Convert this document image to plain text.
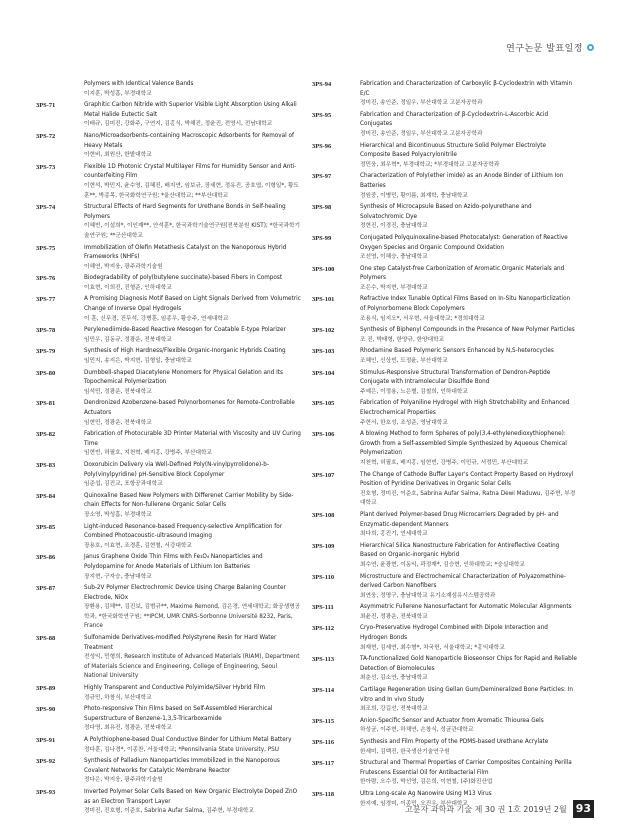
연구논문 발표일정
Polymers with Identical Valence Bands
이지훈, 박성흠, 부경대학교
3PS-71	Graphitic Carbon Nitride with Superior Visible Light Absorption Using Alkali Metal Halide Eutectic Salt
이태규, 김미진, 강화주, 구연지, 김홍식, 박해진, 정윤진, 전영시, 전남대학교
3PS-72	Nano/Microadsorbents-containing Macroscopic Adsorbents for Removal of Heavy Metals
이현비, 최원산, 한밭대학교
3PS-73	Flexible 1D Photonic Crystal Multilayer Films for Humidity Sensor and Anti-counterfeiting Film
이현석, 박민지, 윤수영, 김혜진, 배지연, 임보규, 장세현, 정유진, 공호엽, 이형일*, 황도훈**, 박종목, 한국화학연구원; *울산대학교; **부산대학교
3PS-74	Structural Effects of Hard Segments for Urethane Bonds in Self-healing Polymers
이혜빈, 이설희*, 이인재**, 안석훈*, 한국과학기술연구원(전북분원 KIST); *한국과학기술연구원; **군산대학교
3PS-75	Immobilization of Olefin Metathesis Catalyst on the Nanoporous Hybrid Frameworks (NHFs)
이혜연, 박지웅, 광주과학기술원
3PS-76	Biodegradability of poly(butylene succinate)-based Fibers in Compost
이효현, 이희진, 진형준, 인하대학교
3PS-77	A Promising Diagnosis Motif Based on Light Signals Derived from Volumetric Change of Inverse Opal Hydrogels
이 훈, 신무경, 진무석, 강병훈, 임종우, 황승주, 연세대학교
3PS-78	Perylenediimide-Based Reactive Mesogen for Coatable E-type Polarizer
임민우, 김동규, 정광운, 전북대학교
3PS-79	Synthesis of High Hardness/Flexible Organic-Inorganic Hybrids Coating
임민지, 송지은, 박지현, 김형일, 충남대학교
3PS-80	Dumbbell-shaped Diacetylene Monomers for Physical Gelation and Its Topochemical Polymerization
임석민, 정광운, 전북대학교
3PS-81	Dendronized Azobenzene-based Polynorbornenes for Remote-Controllable Actuators
임현민, 정광운, 전북대학교
3PS-82	Fabrication of Photocurable 3D Printer Material with Viscosity and UV Curing Time
임현빈, 허필호, 지천혁, 배지홍, 강병주, 부산대학교
3PS-83	Doxorubicin Delivery via Well-Defined Poly(N-vinylpyrrolidone)-b-Poly(vinylpyridine) pH-Sensitive Block Copolymer
임준섭, 김진교, 포항공과대학교
3PS-84	Quinoxaline Based New Polymers with Differenet Carrier Mobility by Side-chain Effects for Non-fullerene Organic Solar Cells
장소영, 박성흠, 부경대학교
3PS-85	Light-induced Resonance-based Frequency-selective Amplification for Combined Photoacoustic-ultrasound Imaging
장용호, 이효현, 조경훈, 김현철, 서강대학교
3PS-86	Janus Graphene Oxide Thin Films with Fe₃O₄ Nanoparticles and Polydopamine for Anode Materials of Lithium Ion Batteries
장지현, 구자승, 충남대학교
3PS-87	Sub-2V Polymer Electrochromic Device Using Charge Balaning Counter Electrode, NiOx
장환용, 김해**, 김진보, 김범규**, Maxime Remond, 김은경, 연세대학교; 화공생명공학과, *한국화학연구원; **IPCM, UMR CNRS-Sorbonne Université 8232, Paris, France
3PS-88	Sulfonamide Derivatives-modified Polystyrene Resin for Hard Water Treatment
전성익, 민형희, Research Institute of Advanced Materials (RIAM), Department of Materials Science and Engineering, College of Engineering, Seoul National University
3PS-89	Highly Transparent and Conductive Polyimide/Silver Hybrid Film
정규민, 하창식, 부산대학교
3PS-90	Photo-responsive Thin Films based on Self-Assembled Hierarchical Superstructure of Benzene-1,3,5-Tricarboxamide
정다영, 최유진, 정광운, 전북대학교
3PS-91	A Polythiophene-based Dual Conductive Binder for Lithium Metal Battery
정다훈, 김나경*, 이종찬, 서울대학교; *Pennsilvania State University, PSU
3PS-92	Synthesis of Palladium Nanoparticles Immobilized in the Nanoporous Covalent Networks for Catalytic Membrane Reactor
정다은, 박지웅, 광주과학기술원
3PS-93	Inverted Polymer Solar Cells Based on New Organic Electrolyte Doped ZnO as an Electron Transport Layer
정미진, 진호형, 이준호, Sabrina Aufar Salma, 김주현, 부경대학교
3PS-94	Fabrication and Characterization of Carboxylic β-Cyclodextrin with Vitamin E/C
정미진, 송인준, 정일우, 부산대학교 고분자공학과
3PS-95	Fabrication and Characterization of β-Cyclodextrin-L-Ascorbic Acid Conjugates
정미진, 송인준, 정일우, 부산대학교 고분자공학과
3PS-96	Hierarchical and Bicontinuous Structure Solid Polymer Electrolyte Composite Based Polyacrylonitrile
정민웅, 최우혁*, 부경대학교; *부경대학교 고분자공학과
3PS-97	Characterization of Poly(ether imide) as an Anode Binder of Lithium Ion Batteries
정원중, 이병민, 황이름, 최재학, 충남대학교
3PS-98	Synthesis of Microcapsule Based on Azido-polyurethane and Solvatochromic Dye
정현진, 이경진, 충남대학교
3PS-99	Conjugated Polyquinoxaline-based Photocatalyst: Generation of Reactive Oxygen Species and Organic Compound Oxidation
조선영, 이혜승, 충남대학교
3PS-100	One step Catalyst-free Carbonization of Aromatic Organic Materials and Polymers
조은수, 박지현, 부경대학교
3PS-101	Refractive Index Tunable Optical Films Based on In-Situ Nanoparticlization of Polynorbornene Block Copolymers
조용식, 임지오*, 서우현, 서울대학교; *경희대학교
3PS-102	Synthesis of Biphenyl Compounds in the Presence of New Polymer Particles
조 진, 박태형, 한양규, 한양대학교
3PS-103	Rhodamine Based Polymeric Sensors Enhanced by N,S-heterocycles
조혜인, 신상빈, 도정윤, 부산대학교
3PS-104	Stimulus-Responsive Structural Transformation of Dendron-Peptide Conjugate with Intramolecular Disulfide Bond
주예은, 이정용, 노은별, 김철희, 인하대학교
3PS-105	Fabrication of Polyaniline Hydrogel with High Stretchability and Enhanced Electrochemical Properties
주현서, 한호성, 조성준, 영남대학교
3PS-106	A blowing Method to form Spheres of poly(3,4-ethylenedioxythiophene): Growth from a Self-assembled Simple Synthesized by Aqueous Chemical Polymerization
지천혁, 허필호, 배지홍, 임현빈, 강병주, 이민규, 서정민, 부산대학교
3PS-107	The Change of Cathode Buffer Layer's Contact Property Based on Hydroxyl Position of Pyridine Derivatives in Organic Solar Cells
진호형, 정미진, 이준호, Sabrina Aufar Salma, Ratna Dewi Maduwu, 김주현, 부경대학교
3PS-108	Plant derived Polymer-based Drug Microcarriers Degraded by pH- and Enzymatic-dependent Manners
최다희, 홍진기, 연세대학교
3PS-109	Hierarchical Silica Nanostructure Fabrication for Antireflective Coating Based on Organic-inorganic Hybrid
최수연, 윤광현, 이동익, 곽정재*, 김승현, 인하대학교; *숭실대학교
3PS-110	Microstructure and Electrochemical Characterization of Polyazomethine-derived Carbon Nanofibers
최연웅, 정명구, 충남대학교 유기소재섬유시스템공학과
3PS-111	Asymmetric Fullerene Nanosurfactant for Automatic Molecular Alignments
최윤진, 정광운, 전북대학교
3PS-112	Cryo-Preservative Hydrogel Combined with Dipole Interaction and Hydrogen Bonds
최재현, 김세연, 최수형*, 차국헌, 서울대학교; *홍익대학교
3PS-113	TA-functionalized Gold Nanoparticle Bioseonsor Chips for Rapid and Reliable Detection of Biomolecules
최춘선, 김소연, 충남대학교
3PS-114	Cartilage Regeneration Using Gellan Gum/Demineralized Bone Particles: In vitro and In vivo Study
최조희, 강길선, 전북대학교
3PS-115	Anion-Specific Sensor and Actuator from Aromatic Thiourea Gels
하성균, 이주현, 하채연, 손창식, 성균관대학교
3PS-116	Synthesis and Film Property of the PDMS-based Urethane Acrylate
한세미, 김백진, 한국생산기술연구원
3PS-117	Structural and Thermal Properties of Carrier Composites Containing Perilla Frutescens Essential Oil for Antibacterial Film
한아람, 오수정, 박선영, 김은희, 이현철, (주)화진산업
3PS-118	Ultra Long-scale Ag Nanowire Using M13 Virus
한지예, 임경미, 이종민, 오진우, 부산대학교
고분자 과학과 기술 제 30 권 1호 2019년 2월 93
